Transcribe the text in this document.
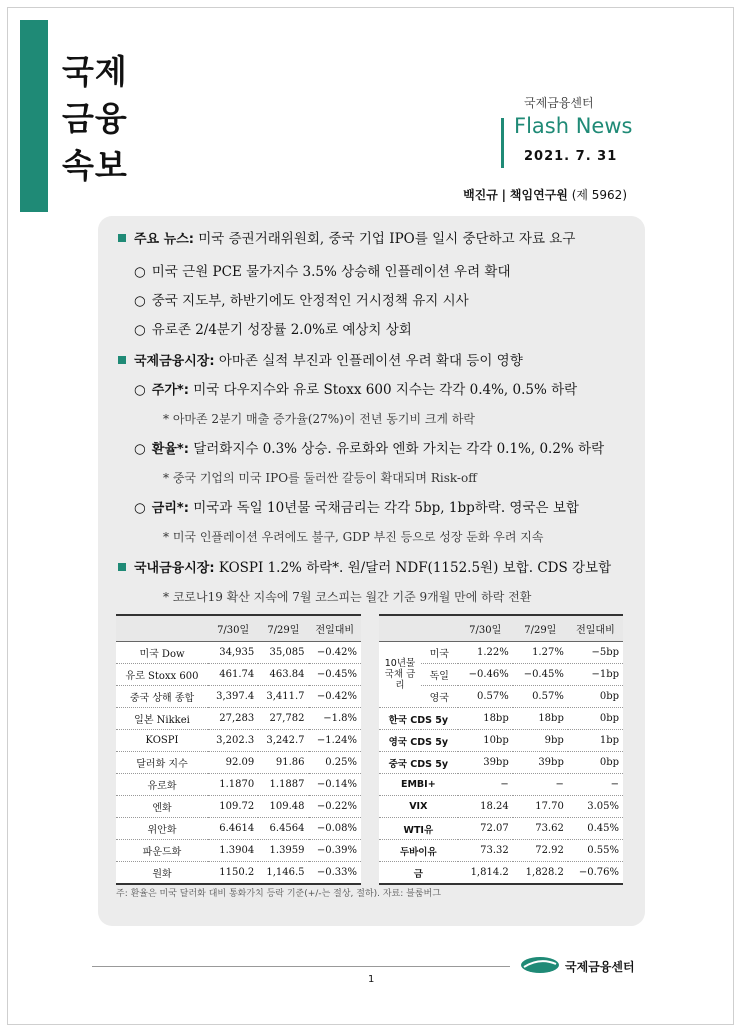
국제
금융
속보
국제금융센터
Flash News
2021. 7. 31
백진규 | 책임연구원 (제 5962)
주요 뉴스: 미국 증권거래위원회, 중국 기업 IPO를 일시 중단하고 자료 요구
○ 미국 근원 PCE 물가지수 3.5% 상승해 인플레이션 우려 확대
○ 중국 지도부, 하반기에도 안정적인 거시정책 유지 시사
○ 유로존 2/4분기 성장률 2.0%로 예상치 상회
국제금융시장: 아마존 실적 부진과 인플레이션 우려 확대 등이 영향
○ 주가*: 미국 다우지수와 유로 Stoxx 600 지수는 각각 0.4%, 0.5% 하락
* 아마존 2분기 매출 증가율(27%)이 전년 동기비 크게 하락
○ 환율*: 달러화지수 0.3% 상승. 유로화와 엔화 가치는 각각 0.1%, 0.2% 하락
* 중국 기업의 미국 IPO를 둘러싼 갈등이 확대되며 Risk-off
○ 금리*: 미국과 독일 10년물 국채금리는 각각 5bp, 1bp하락. 영국은 보합
* 미국 인플레이션 우려에도 불구, GDP 부진 등으로 성장 둔화 우려 지속
국내금융시장: KOSPI 1.2% 하락*. 원/달러 NDF(1152.5원) 보합. CDS 강보합
* 코로나19 확산 지속에 7월 코스피는 월간 기준 9개월 만에 하락 전환
	7/30일	7/29일	전일대비
미국 Dow	34,935	35,085	−0.42%
유로 Stoxx 600	461.74	463.84	−0.45%
중국 상해 종합	3,397.4	3,411.7	−0.42%
일본 Nikkei	27,283	27,782	−1.8%
KOSPI	3,202.3	3,242.7	−1.24%
달러화 지수	92.09	91.86	0.25%
유로화	1.1870	1.1887	−0.14%
엔화	109.72	109.48	−0.22%
위안화	6.4614	6.4564	−0.08%
파운드화	1.3904	1.3959	−0.39%
원화	1150.2	1,146.5	−0.33%
		7/30일	7/29일	전일대비
10년물 국채 금리	미국	1.22%	1.27%	−5bp
	독일	−0.46%	−0.45%	−1bp
	영국	0.57%	0.57%	0bp
한국 CDS 5y		18bp	18bp	0bp
영국 CDS 5y		10bp	9bp	1bp
중국 CDS 5y		39bp	39bp	0bp
EMBI+		−	−	−
VIX		18.24	17.70	3.05%
WTI유		72.07	73.62	0.45%
두바이유		73.32	72.92	0.55%
금		1,814.2	1,828.2	−0.76%
주: 환율은 미국 달러화 대비 통화가치 등락 기준(+/-는 절상, 절하). 자료: 블룸버그
국제금융센터
1
